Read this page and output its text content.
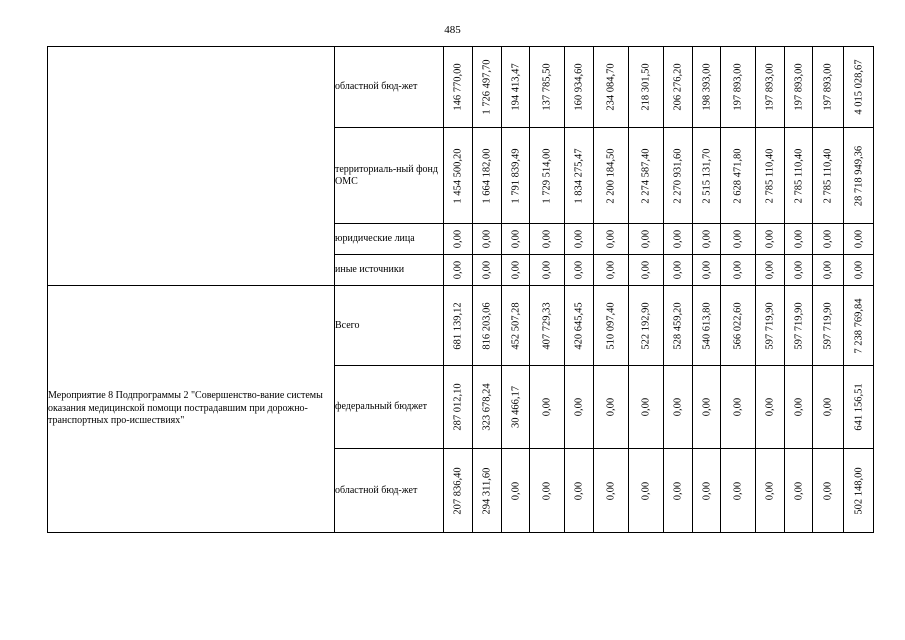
485
	областной бюд-жет	146 770,00	1 726 497,70	194 413,47	137 785,50	160 934,60	234 084,70	218 301,50	206 276,20	198 393,00	197 893,00	197 893,00	197 893,00	197 893,00	4 015 028,67

	территориаль-ный фонд ОМС	1 454 500,20	1 664 182,00	1 791 839,49	1 729 514,00	1 834 275,47	2 200 184,50	2 274 587,40	2 270 931,60	2 515 131,70	2 628 471,80	2 785 110,40	2 785 110,40	2 785 110,40	28 718 949,36

	юридические лица	0,00	0,00	0,00	0,00	0,00	0,00	0,00	0,00	0,00	0,00	0,00	0,00	0,00	0,00

	иные источники	0,00	0,00	0,00	0,00	0,00	0,00	0,00	0,00	0,00	0,00	0,00	0,00	0,00	0,00

Мероприятие 8 Подпрограммы 2 "Совершенство-вание системы оказания медицинской помощи пострадавшим при дорожно-транспортных про-исшествиях"	Всего	681 139,12	816 203,06	452 507,28	407 729,33	420 645,45	510 097,40	522 192,90	528 459,20	540 613,80	566 022,60	597 719,90	597 719,90	597 719,90	7 238 769,84

	федеральный бюджет	287 012,10	323 678,24	30 466,17	0,00	0,00	0,00	0,00	0,00	0,00	0,00	0,00	0,00	0,00	641 156,51

	областной бюд-жет	207 836,40	294 311,60	0,00	0,00	0,00	0,00	0,00	0,00	0,00	0,00	0,00	0,00	0,00	502 148,00
